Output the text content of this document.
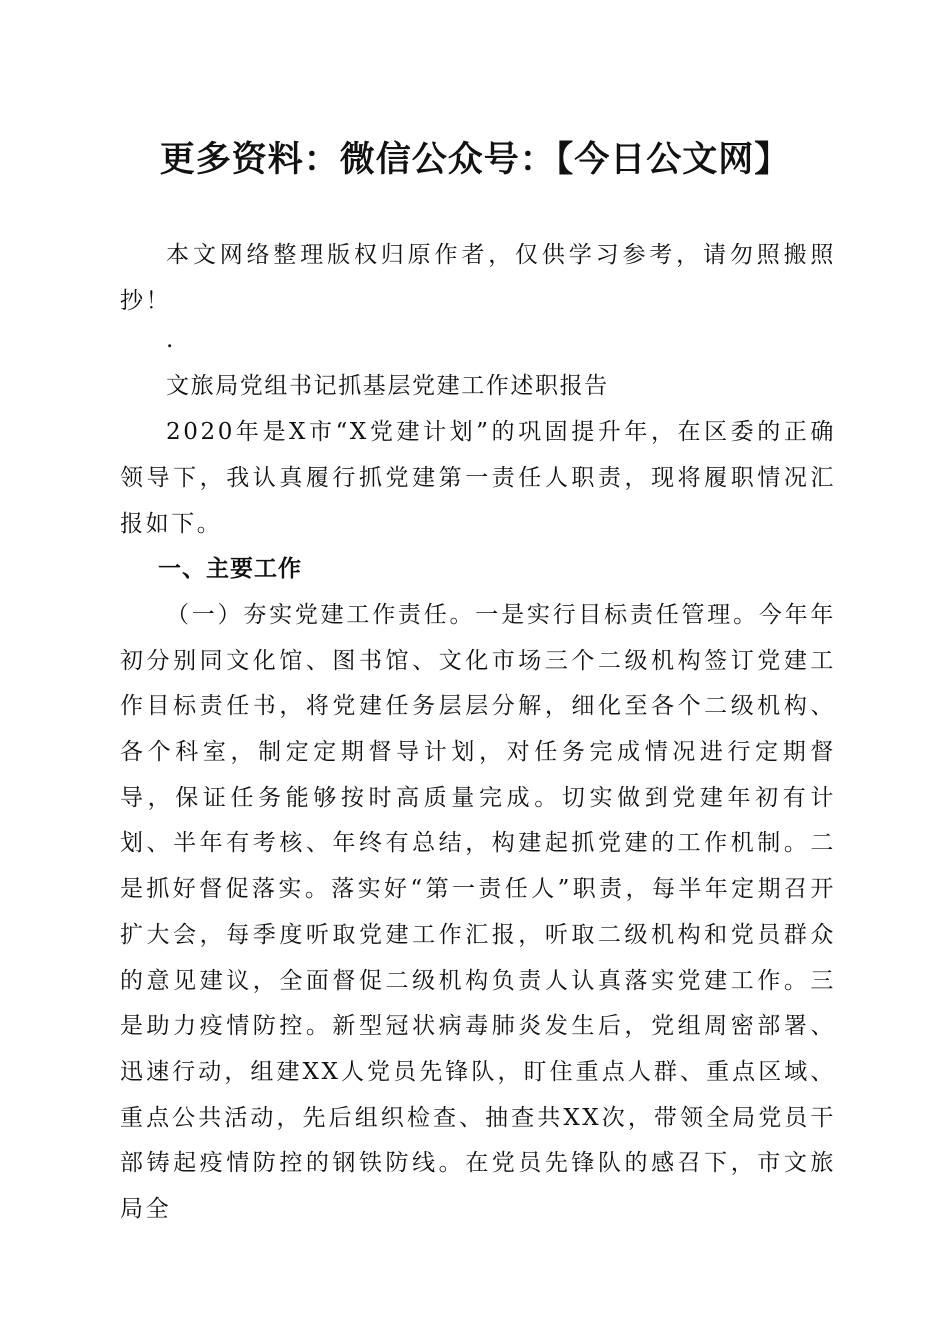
更多资料：微信公众号：【今日公文网】

本文网络整理版权归原作者，仅供学习参考，请勿照搬照抄！

.

文旅局党组书记抓基层党建工作述职报告

2020年是X市“X党建计划”的巩固提升年，在区委的正确领导下，我认真履行抓党建第一责任人职责，现将履职情况汇报如下。

一、主要工作

（一）夯实党建工作责任。一是实行目标责任管理。今年年初分别同文化馆、图书馆、文化市场三个二级机构签订党建工作目标责任书，将党建任务层层分解，细化至各个二级机构、各个科室，制定定期督导计划，对任务完成情况进行定期督导，保证任务能够按时高质量完成。切实做到党建年初有计划、半年有考核、年终有总结，构建起抓党建的工作机制。二是抓好督促落实。落实好“第一责任人”职责，每半年定期召开扩大会，每季度听取党建工作汇报，听取二级机构和党员群众的意见建议，全面督促二级机构负责人认真落实党建工作。三是助力疫情防控。新型冠状病毒肺炎发生后，党组周密部署、迅速行动，组建XX人党员先锋队，盯住重点人群、重点区域、重点公共活动，先后组织检查、抽查共XX次，带领全局党员干部铸起疫情防控的钢铁防线。在党员先锋队的感召下，市文旅局全
